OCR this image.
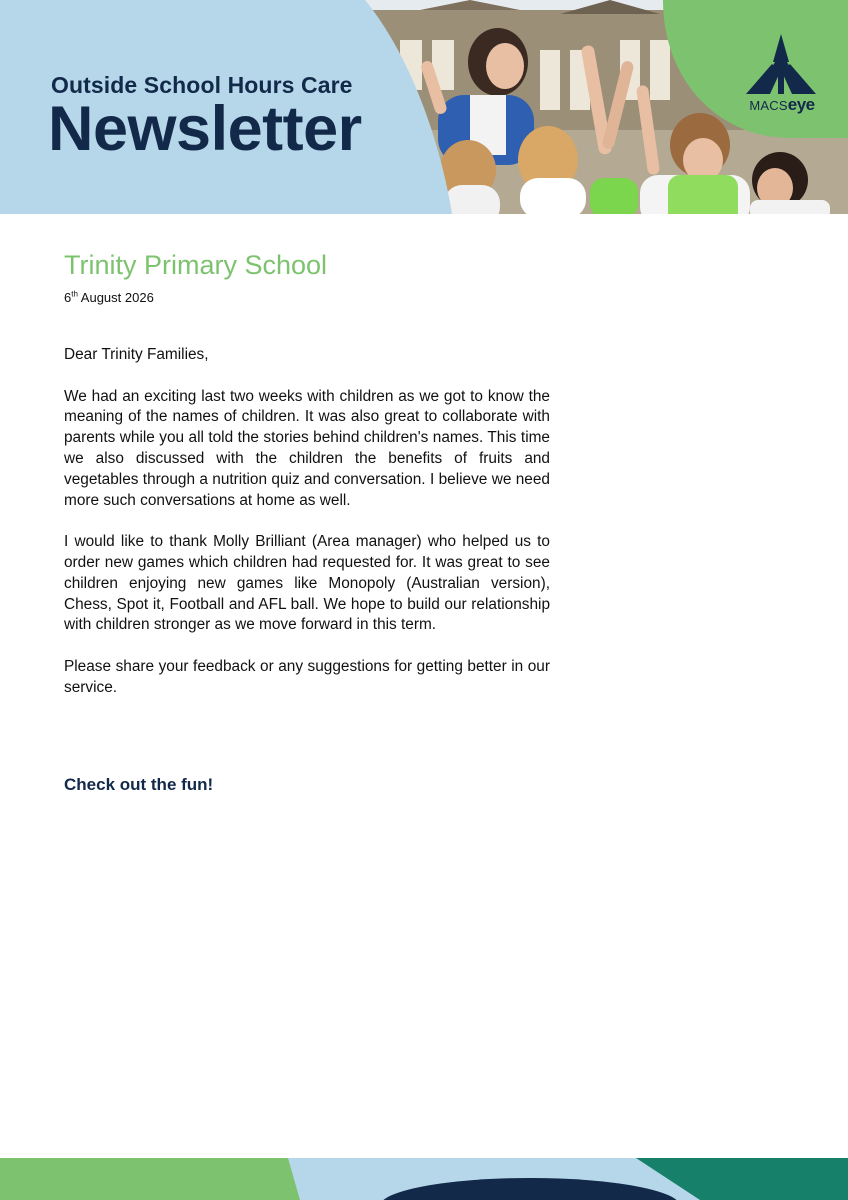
Outside School Hours Care
Newsletter	MACSeye
Trinity Primary School
6th August 2026

Dear Trinity Families,

We had an exciting last two weeks with children as we got to know the meaning of the names of children. It was also great to collaborate with parents while you all told the stories behind children's names. This time we also discussed with the children the benefits of fruits and vegetables through a nutrition quiz and conversation. I believe we need more such conversations at home as well.

I would like to thank Molly Brilliant (Area manager) who helped us to order new games which children had requested for. It was great to see children enjoying new games like Monopoly (Australian version), Chess, Spot it, Football and AFL ball. We hope to build our relationship with children stronger as we move forward in this term.

Please share your feedback or any suggestions for getting better in our service.

Check out the fun!
